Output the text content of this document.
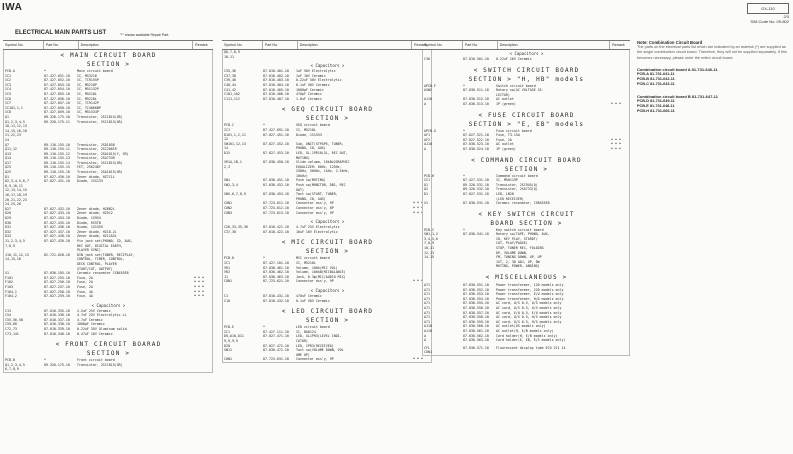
IWA	GX-110
2/3
S/M Code No. 09-802
ELECTRICAL MAIN PARTS LIST	"*" shows available Repair Part.
Symbol No.	Part No.	Description	Remark
< MAIN CIRCUIT BOARD
SECTION >
PCB-A	*	Main circuit board
IC1	87-427-051-10	IC, MS3216
IC2	87-427-052-10	IC, TC9155P
IC3	87-427-053-10	IC, M5218P
IC4	87-427-054-10	IC, M51132P
IC5	87-427-055-10	IC, M5218L
IC6	87-427-056-10	IC, M5218L
IC7	87-427-057-10	IC, TC9142P
IC101,1,1	87-427-058-10	IC, TC4066BP
IC8	87-427-059-10	IC, M51534P
Q1	89-320-175-10	Transistor, 2SC1815(GR)
Q1,2,3,4,5	89-320-175-11	Transistor, 2SC1815(GR)
10,11,12,13
14,15,16,18
21,22,23
24
Q7	89-110-155-10	Transistor, 2SD1058
Q11,12	89-110-155-11	Transistor, 2SC2001R
Q13	89-110-155-12	Transistor, 2SA1015(Y, GR)
Q14	89-110-155-13	Transistor, 2SA733R
Q17	89-110-155-14	Transistor, 2SC1815(GR)
Q23	89-110-155-15	FET, 2SK246Y
Q25	89-110-155-16	Transistor, 2SA1015(GR)
D1	87-027-430-10	Zener diode, HZ7C1L
D2,3,4,5,6,7	87-027-431-10	Diode, 1SS133
8,9,10,11
12,13,14,15
16,17,18,19
20,21,22,23
24,25,26
D27	87-027-432-10	Zener diode, HZ6B2L
D28	87-027-433-10	Zener diode, HZ5C2
D29	87-027-434-10	Diode, 1S954
D30	87-027-435-10	Diode, RS5TB
D31	87-027-436-10	Diode, 1S1555
D32	87-027-437-10	Zener diode, HZ18-2L
D33	87-027-438-10	Zener diode, HZ12A3L
J1,2,3,4,5	87-027-439-10	Pin jack set(PHONO, CD, AUX,
7,8,9	REC OUT, DIGITAL EARTH,
PLAYER SYNC)
J10,11,12,13	8I-721-028-10	DIN jack set(TUNER, RECIPLAY,
14,15,16	CONTROL, TIMER, CONTROL,
DECK CONTROL, PLAYER
START/CUT, OUTPUT)
X1	87-030-195-10	Ceramic resonator CSB455E8
F101	87-027-255-10	Fuse, 2A	* * *
F102	87-027-256-10	Fuse, 2A	* * *
F103	87-027-257-10	Fuse, 2A	* * *
F104,1	87-027-258-10	Fuse, 4A	* * *
F104,2	87-027-259-10	Fuse, 4A	* * *
< Capacitors >
C13	87-010-335-10	2.2uF 25V Ceramic
C54	87-010-336-10	4.7uF 25V Electrolytic LL
C55,56,58	87-010-337-10	4.7uF Ceramic
C59,60	87-010-338-10	1000pF Ceramic
C72,73	87-010-339-10	0.22uF 35V Aluminum solid
C73,141	87-010-340-10	0.47uF 16V Ceramic
< FRONT CIRCUIT BOARAD
SECTION >
PCB-B	*	Front circuit board
Q1,2,3,4,5	89-320-175-10	Transistor, 2SC1815(GR)
6,7,8,9
Symbol No.	Part No.	Description	Remark
Q6,7,8,9
10,11
< Capacitors >
C35,36	87-010-401-10	1uF 50V Electrolytic
C37,38	87-010-402-10	1uF 16V Ceramic
C39,40	87-010-403-10	0.22uF 50V Electrolytic
C40,44	87-010-404-10	0.1uF 50V Ceramic
C41,42	87-010-405-10	1000pF Ceramic
C101,102	87-010-406-10	470pF Ceramic
C111,112	87-010-407-10	1.0uF Ceramic
< GEQ CIRCUIT BOARD
SECTION >
PCB-C	*	GEQ circuit board
IC1	87-427-091-10	IC, M5218L
D101,1,2,11	87-027-451-10	Diode, 1S1553
12
SW101,12,13	87-027-452-10	Sub, UNIT(STPAPE, TUNER,
14	PHONO, CD, AUX)
D15	87-027-453-10	LED, GL-1PR10(GL, REC OUT,
MUTING)
VR1A,1B,1	87-030-450-10	Slide volume, 10kBx2GRAPHIC
2,3	EQUALIZER: 60Hz, 125Hz,
250Hz, 500Hz, 1kHz, 2.5kHz,
10kHz)
SW1	87-030-451-10	Push sw(MUTING)
SW2,3,4	87-030-452-10	Push sw(MONITOR, DB1, REC
OUT)
SW5,6,7,8,9	87-030-453-10	Tact sw(START, TUNER,
PHONO, CD, AUX)
CON1	87-723-011-10	Connector ass'y, 9P	* * *
CON2	87-723-012-10	Connector ass'y, 8P	* * *
CON3	87-723-013-10	Connector ass'y, 9P	* * *
< Capacitors >
C26,33,35,36	87-010-421-10	4.7uF 25V Electrolytic
C37,38	87-010-422-10	10uF 16V Electrolytic
< MIC CIRCUIT BOARD
SECTION >
PCB-D	*	MIC circuit board
IC1	87-427-101-10	IC, M5218L
VR1	87-030-461-10	Volume, 100k(MIC VOL)
VR2	87-030-462-10	Volume, 100kB(MICBALANCE)
J1	87-030-463-10	Jack, 6.3φ(MIC/AUDIO MIX)
CON1	87-723-021-10	Connector ass'y, 9P	* * *
< Capacitors >
C1	87-010-431-10	470uF Ceramic
C10	87-010-432-10	0.1uF 50V Ceramic
< LED CIRCUIT BOARD
SECTION >
PCB-E	*	LED circuit board
IC1	87-427-111-10	IC, BA6124
D9,D10,D11	87-027-471-10	LED, GL1PR3(LEVEL INDI-
9,9,9,9	CATOR)
D20	87-027-472-10	LED, 1PR3(RECEIVED)
SW11	87-030-471-10	Tact sw(VOLUME DOWN, VOL
UME UP)
CON1	87-723-031-10	Connector ass'y, 9P	* * *
Symbol No.	Part No.	Description	Remark
< Capacitors >
C30	87-010-501-10	0.22uF 16V Ceramic
< SWITCH CIRCUIT BOARD
SECTION > "H, HB" models
APCB-F	*	Switch circuit board
ASW2	87-030-511-10	Rotary sw(AC VOLTAGE SE-
LECTOR)
AJ10	87-030-512-10	AC outlet
A	87-030-513-10	1P (green)	* * *
< FUSE CIRCUIT BOARD
SECTION > "E, EB" models
APCB-G	*	Fuse circuit board
AF1	87-027-521-10	Fuse, T3.15A
AF2	87-027-522-10	Fuse, 2A	* * *
AJ10	87-030-523-10	AC outlet	* * *
A	87-030-524-10	1P (green)	* * *
< COMMAND CIRCUIT BOARD
SECTION >
PCB-H	*	Command circuit board
IC1	87-427-531-10	IC, M50119P
Q1	89-320-531-10	Transistor, 2SC945(Q)
Q2	89-320-532-10	Transistor, 2SA733(Q)
D1	87-027-531-10	LED, LN28
(LED RECEIVER)
X1	87-030-531-10	Ceramic resonator, CSB455E8
< KEY SWITCH CIRCUIT
BOARD SECTION >
PCB-I	*	Key switch circuit board
SW1,1,2	87-030-541-10	Rotary sw(TAPE, PHONO, AUX,
3,4,5,6	CD, KEY PLAY, STARDT/
7,8,9	CUT, PLAY/PAUSE)
10,11	STOP, TUNER REC, FOLDING
12,13	DP, VOLUME DOWN,
14,15	FM, TUNING DOWN, UP, UP
1ST, 2, 3D ADJ, UP, DW
MUTING, POWER, ANDING)
< MISCELLANEOUS >
A71	87-030-551-10	Power transformer, 120 models only
A71	87-030-552-10	Power transformer, 220 models only
A71	87-030-553-10	Power transformer, E/U models only
A71	87-030-554-10	Power transformer, H/D models only
A71	87-030-555-10	AC cord, U/S 0.5, U/S models only
A71	87-030-556-10	AC cord, U/S 0.5, U/S models only
A71	87-030-557-10	AC cord, E/U 0.5, E/U models only
A71	87-030-558-10	AC cord, U/S 0.5, H/S models only
A71	87-030-559-10	AC cord, U/S 0.5, H/S models only
AJ10	87-030-560-10	AC outlet(US models only)
AJ10	87-030-561-10	AC outlet(H, E/B models only)
A	87-030-562-10	Cord holder(H, E/B models only)
A	87-030-563-10	Cord holder(E, EB, E/S models only)
CFL	87-030-571-10	Fluorescent display tube ECO 221 14
CON1
Note: Combination Circuit Board
The parts on the electrical parts list which are indicated by an asterisk (*) are supplied as the single combination circuit board. Therefore, they will not be supplied separately. If this becomes necessary, please order the entire circuit board.
Combination circuit board A 81-731-640-11
PCB-A 81-731-641-11
PCB-B 81-731-642-11
PCB-C 81-731-643-11
Combination circuit board B 81-731-647-11
PCB-D 81-731-649-11
PCB-E 81-731-648-11
PCB-H 81-731-666-11
